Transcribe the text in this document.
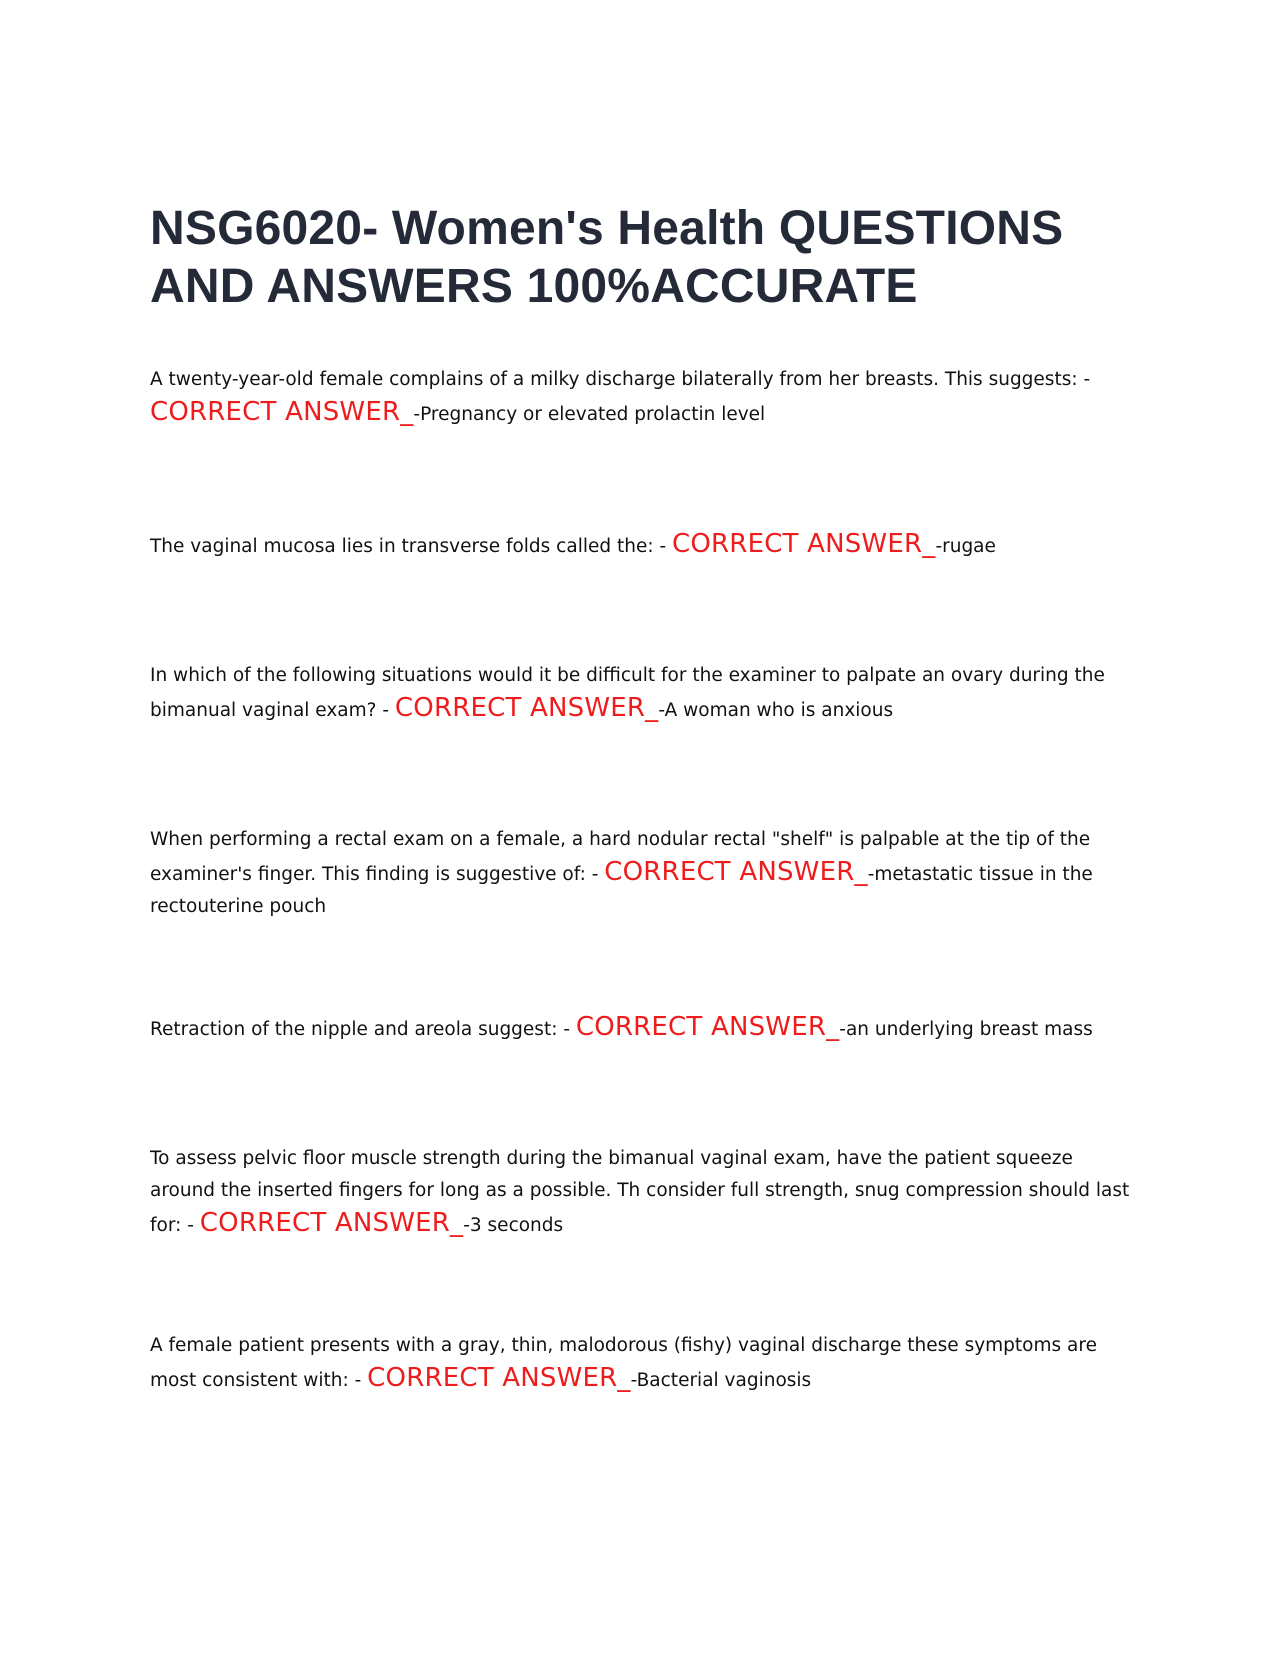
NSG6020- Women's Health QUESTIONS AND ANSWERS 100%ACCURATE

A twenty-year-old female complains of a milky discharge bilaterally from her breasts. This suggests: - CORRECT ANSWER_-Pregnancy or elevated prolactin level

The vaginal mucosa lies in transverse folds called the: - CORRECT ANSWER_-rugae

In which of the following situations would it be difficult for the examiner to palpate an ovary during the bimanual vaginal exam? - CORRECT ANSWER_-A woman who is anxious

When performing a rectal exam on a female, a hard nodular rectal "shelf" is palpable at the tip of the examiner's finger. This finding is suggestive of: - CORRECT ANSWER_-metastatic tissue in the rectouterine pouch

Retraction of the nipple and areola suggest: - CORRECT ANSWER_-an underlying breast mass

To assess pelvic floor muscle strength during the bimanual vaginal exam, have the patient squeeze around the inserted fingers for long as a possible. Th consider full strength, snug compression should last for: - CORRECT ANSWER_-3 seconds

A female patient presents with a gray, thin, malodorous (fishy) vaginal discharge these symptoms are most consistent with: - CORRECT ANSWER_-Bacterial vaginosis
